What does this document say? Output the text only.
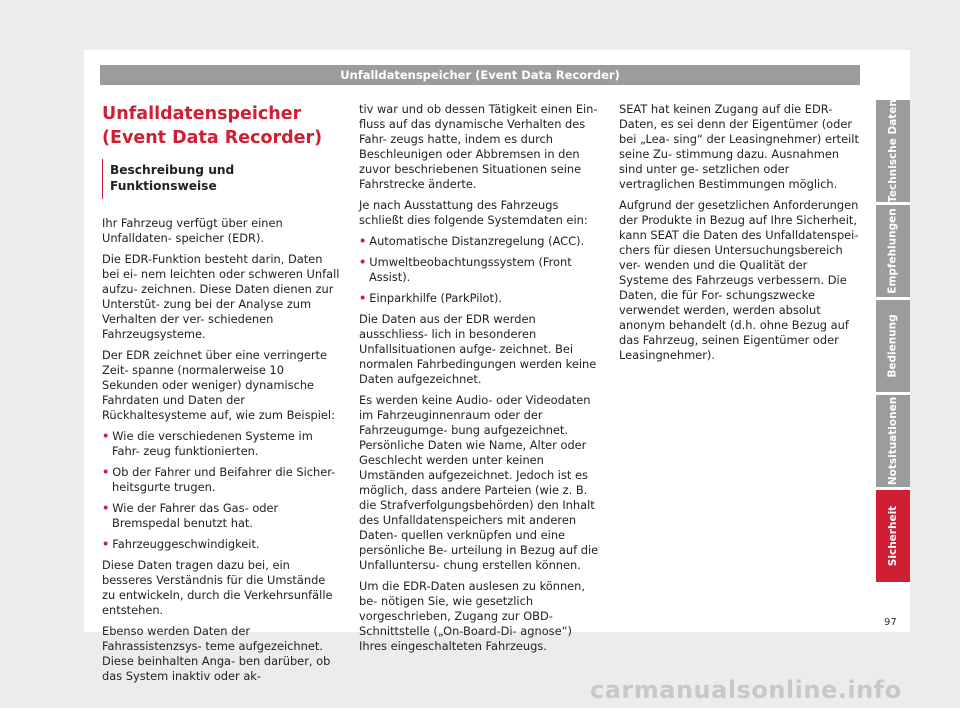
Unfalldatenspeicher (Event Data Recorder)
Unfalldatenspeicher (Event Data Recorder)
Beschreibung und Funktionsweise

Ihr Fahrzeug verfügt über einen Unfalldaten- speicher (EDR).

Die EDR-Funktion besteht darin, Daten bei ei- nem leichten oder schweren Unfall aufzu- zeichnen. Diese Daten dienen zur Unterstüt- zung bei der Analyse zum Verhalten der ver- schiedenen Fahrzeugsysteme.

Der EDR zeichnet über eine verringerte Zeit- spanne (normalerweise 10 Sekunden oder weniger) dynamische Fahrdaten und Daten der Rückhaltesysteme auf, wie zum Beispiel:

• Wie die verschiedenen Systeme im Fahr- zeug funktionierten.

• Ob der Fahrer und Beifahrer die Sicher- heitsgurte trugen.

• Wie der Fahrer das Gas- oder Bremspedal benutzt hat.

• Fahrzeuggeschwindigkeit.

Diese Daten tragen dazu bei, ein besseres Verständnis für die Umstände zu entwickeln, durch die Verkehrsunfälle entstehen.

Ebenso werden Daten der Fahrassistenzsys- teme aufgezeichnet. Diese beinhalten Anga- ben darüber, ob das System inaktiv oder ak-

tiv war und ob dessen Tätigkeit einen Ein- fluss auf das dynamische Verhalten des Fahr- zeugs hatte, indem es durch Beschleunigen oder Abbremsen in den zuvor beschriebenen Situationen seine Fahrstrecke änderte.

Je nach Ausstattung des Fahrzeugs schließt dies folgende Systemdaten ein:

• Automatische Distanzregelung (ACC).

• Umweltbeobachtungssystem (Front Assist).

• Einparkhilfe (ParkPilot).

Die Daten aus der EDR werden ausschliess- lich in besonderen Unfallsituationen aufge- zeichnet. Bei normalen Fahrbedingungen werden keine Daten aufgezeichnet.

Es werden keine Audio- oder Videodaten im Fahrzeuginnenraum oder der Fahrzeugumge- bung aufgezeichnet. Persönliche Daten wie Name, Alter oder Geschlecht werden unter keinen Umständen aufgezeichnet. Jedoch ist es möglich, dass andere Parteien (wie z. B. die Strafverfolgungsbehörden) den Inhalt des Unfalldatenspeichers mit anderen Daten- quellen verknüpfen und eine persönliche Be- urteilung in Bezug auf die Unfalluntersu- chung erstellen können.

Um die EDR-Daten auslesen zu können, be- nötigen Sie, wie gesetzlich vorgeschrieben, Zugang zur OBD-Schnittstelle („On-Board-Di- agnose“) Ihres eingeschalteten Fahrzeugs.

SEAT hat keinen Zugang auf die EDR-Daten, es sei denn der Eigentümer (oder bei „Lea- sing“ der Leasingnehmer) erteilt seine Zu- stimmung dazu. Ausnahmen sind unter ge- setzlichen oder vertraglichen Bestimmungen möglich.

Aufgrund der gesetzlichen Anforderungen der Produkte in Bezug auf Ihre Sicherheit, kann SEAT die Daten des Unfalldatenspei- chers für diesen Untersuchungsbereich ver- wenden und die Qualität der Systeme des Fahrzeugs verbessern. Die Daten, die für For- schungszwecke verwendet werden, werden absolut anonym behandelt (d.h. ohne Bezug auf das Fahrzeug, seinen Eigentümer oder Leasingnehmer).

Technische Daten
Empfehlungen
Bedienung
Notsituationen
Sicherheit
97
carmanualsonline.info
